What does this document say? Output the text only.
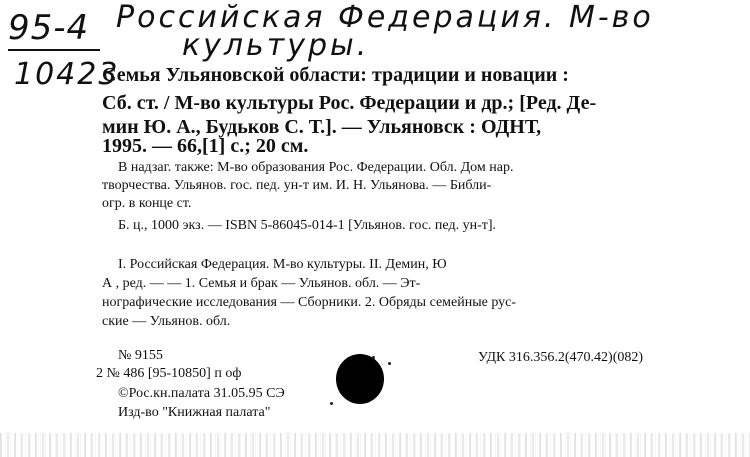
95-4 Российская Федерация. М-во
культуры.
10423
Семья Ульяновской области: традиции и новации :
Сб. ст. / М-во культуры Рос. Федерации и др.; [Ред. Де-
мин Ю. А., Будьков С. Т.]. — Ульяновск : ОДНТ,
1995. — 66,[1] с.; 20 см.
В надзаг. также: М-во образования Рос. Федерации. Обл. Дом нар.
творчества. Ульянов. гос. пед. ун-т им. И. Н. Ульянова. — Библи-
огр. в конце ст.
Б. ц., 1000 экз. — ISBN 5-86045-014-1 [Ульянов. гос. пед. ун-т].
I. Российская Федерация. М-во культуры. II. Демин, Ю
А , ред. — — 1. Семья и брак — Ульянов. обл. — Эт-
нографические исследования — Сборники. 2. Обряды семейные рус-
ские — Ульянов. обл.
№ 9155
2 № 486 [95-10850] п оф
©Рос.кн.палата 31.05.95 СЭ
Изд-во "Книжная палата"
УДК 316.356.2(470.42)(082)
